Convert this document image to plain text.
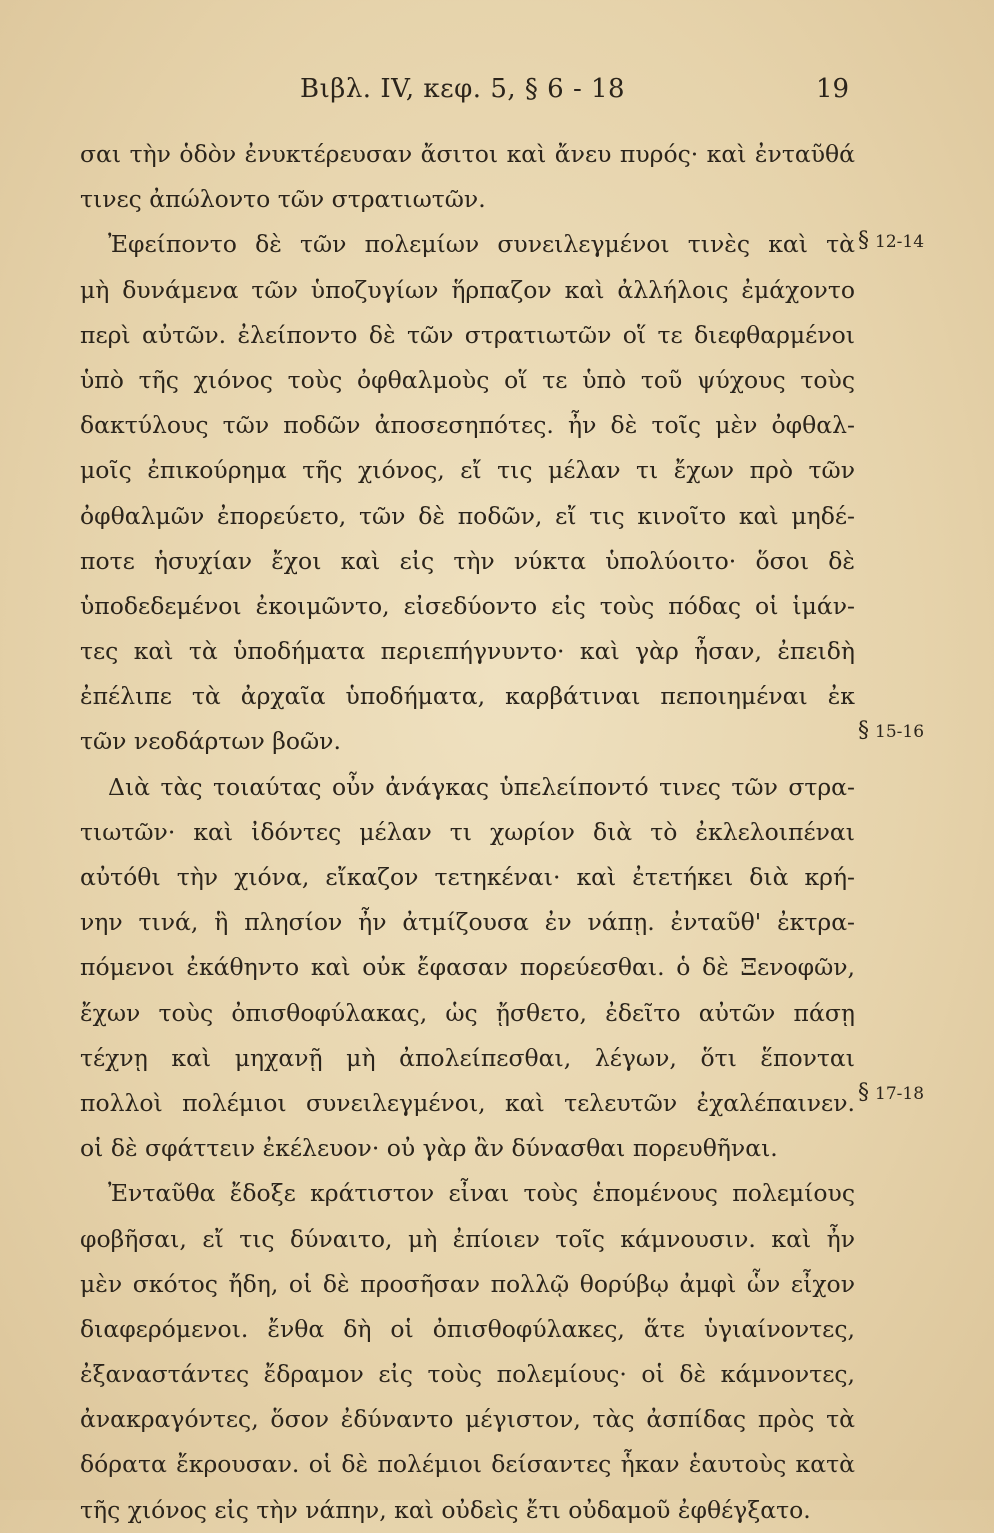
Βιβλ. IV, κεφ. 5, § 6 - 18	19
σαι τὴν ὁδὸν ἐνυκτέρευσαν ἄσιτοι καὶ ἄνευ πυρός· καὶ ἐνταῦθά
τινες ἀπώλοντο τῶν στρατιωτῶν.
Ἐφείποντο δὲ τῶν πολεμίων συνειλεγμένοι τινὲς καὶ τὰ
μὴ δυνάμενα τῶν ὑποζυγίων ἥρπαζον καὶ ἀλλήλοις ἐμάχοντο
περὶ αὐτῶν. ἐλείποντο δὲ τῶν στρατιωτῶν οἵ τε διεφθαρμένοι
ὑπὸ τῆς χιόνος τοὺς ὀφθαλμοὺς οἵ τε ὑπὸ τοῦ ψύχους τοὺς
δακτύλους τῶν ποδῶν ἀποσεσηπότες. ἦν δὲ τοῖς μὲν ὀφθαλ-
μοῖς ἐπικούρημα τῆς χιόνος, εἴ τις μέλαν τι ἔχων πρὸ τῶν
ὀφθαλμῶν ἐπορεύετο, τῶν δὲ ποδῶν, εἴ τις κινοῖτο καὶ μηδέ-
ποτε ἡσυχίαν ἔχοι καὶ εἰς τὴν νύκτα ὑπολύοιτο· ὅσοι δὲ
ὑποδεδεμένοι ἐκοιμῶντο, εἰσεδύοντο εἰς τοὺς πόδας οἱ ἱμάν-
τες καὶ τὰ ὑποδήματα περιεπήγνυντο· καὶ γὰρ ἦσαν, ἐπειδὴ
ἐπέλιπε τὰ ἀρχαῖα ὑποδήματα, καρβάτιναι πεποιημέναι ἐκ
τῶν νεοδάρτων βοῶν.
Διὰ τὰς τοιαύτας οὖν ἀνάγκας ὑπελείποντό τινες τῶν στρα-
τιωτῶν· καὶ ἰδόντες μέλαν τι χωρίον διὰ τὸ ἐκλελοιπέναι
αὐτόθι τὴν χιόνα, εἴκαζον τετηκέναι· καὶ ἐτετήκει διὰ κρή-
νην τινά, ἣ πλησίον ἦν ἀτμίζουσα ἐν νάπῃ. ἐνταῦθ' ἐκτρα-
πόμενοι ἐκάθηντο καὶ οὐκ ἔφασαν πορεύεσθαι. ὁ δὲ Ξενοφῶν,
ἔχων τοὺς ὀπισθοφύλακας, ὡς ᾔσθετο, ἐδεῖτο αὐτῶν πάσῃ
τέχνῃ καὶ μηχανῇ μὴ ἀπολείπεσθαι, λέγων, ὅτι ἕπονται
πολλοὶ πολέμιοι συνειλεγμένοι, καὶ τελευτῶν ἐχαλέπαινεν.
οἱ δὲ σφάττειν ἐκέλευον· οὐ γὰρ ἂν δύνασθαι πορευθῆναι.
Ἐνταῦθα ἔδοξε κράτιστον εἶναι τοὺς ἑπομένους πολεμίους
φοβῆσαι, εἴ τις δύναιτο, μὴ ἐπίοιεν τοῖς κάμνουσιν. καὶ ἦν
μὲν σκότος ἤδη, οἱ δὲ προσῆσαν πολλῷ θορύβῳ ἀμφὶ ὧν εἶχον
διαφερόμενοι. ἔνθα δὴ οἱ ὀπισθοφύλακες, ἅτε ὑγιαίνοντες,
ἐξαναστάντες ἔδραμον εἰς τοὺς πολεμίους· οἱ δὲ κάμνοντες,
ἀνακραγόντες, ὅσον ἐδύναντο μέγιστον, τὰς ἀσπίδας πρὸς τὰ
δόρατα ἔκρουσαν. οἱ δὲ πολέμιοι δείσαντες ἧκαν ἑαυτοὺς κατὰ
τῆς χιόνος εἰς τὴν νάπην, καὶ οὐδεὶς ἔτι οὐδαμοῦ ἐφθέγξατο.
§ 12-14
§ 15-16
§ 17-18
